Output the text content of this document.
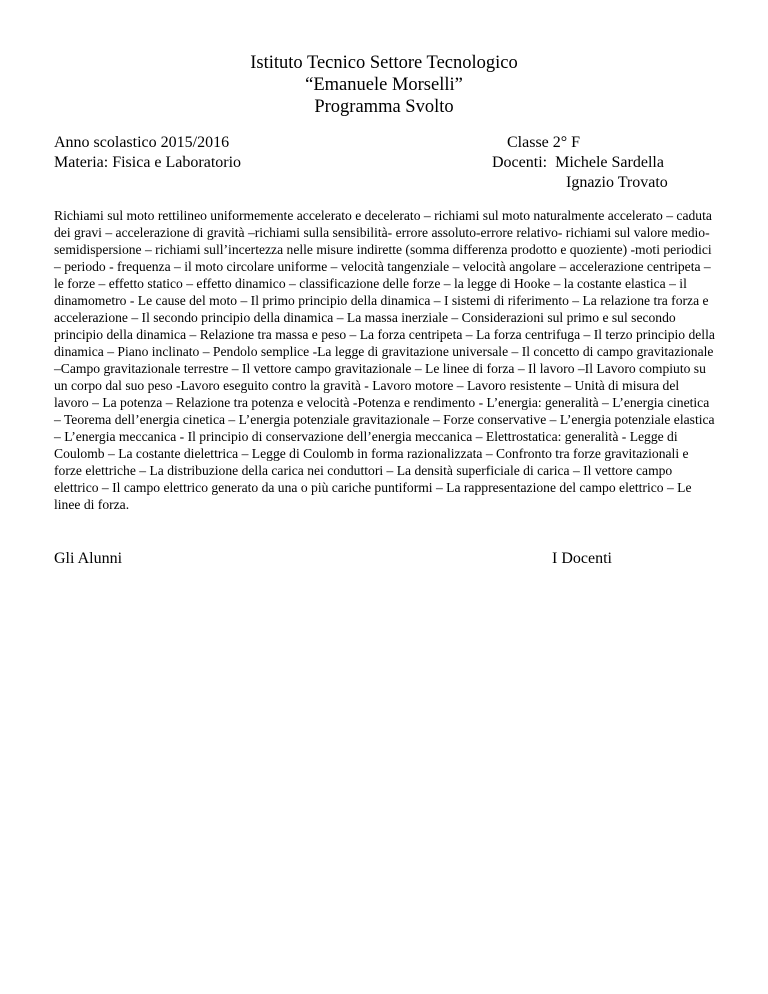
Istituto Tecnico Settore Tecnologico
“Emanuele Morselli”
Programma Svolto
Anno scolastico 2015/2016
Materia: Fisica e Laboratorio
Classe 2° F
Docenti:  Michele Sardella
Ignazio Trovato
Richiami sul moto rettilineo uniformemente accelerato e decelerato – richiami sul moto naturalmente accelerato – caduta dei gravi – accelerazione di gravità –richiami sulla sensibilità- errore assoluto-errore relativo- richiami sul valore medio- semidispersione – richiami sull’incertezza nelle misure indirette (somma differenza prodotto e quoziente) -moti periodici – periodo - frequenza – il moto circolare uniforme – velocità tangenziale – velocità angolare – accelerazione centripeta – le forze – effetto statico – effetto dinamico – classificazione delle forze – la legge di Hooke – la costante elastica – il dinamometro - Le cause del moto – Il primo principio della dinamica – I sistemi di riferimento – La relazione tra forza e accelerazione – Il secondo principio della dinamica – La massa inerziale – Considerazioni sul primo e sul secondo principio della dinamica – Relazione tra massa e peso – La forza centripeta – La forza centrifuga – Il terzo principio della dinamica – Piano inclinato – Pendolo semplice -La legge di gravitazione universale – Il concetto di campo gravitazionale –Campo gravitazionale terrestre – Il vettore campo gravitazionale – Le linee di forza – Il lavoro –Il Lavoro compiuto su un corpo dal suo peso -Lavoro eseguito contro la gravità - Lavoro motore – Lavoro resistente – Unità di misura del lavoro – La potenza – Relazione tra potenza e velocità -Potenza e rendimento - L’energia: generalità – L’energia cinetica – Teorema dell’energia cinetica – L’energia potenziale gravitazionale – Forze conservative – L’energia potenziale elastica – L’energia meccanica - Il principio di conservazione dell’energia meccanica – Elettrostatica: generalità - Legge di Coulomb – La costante dielettrica – Legge di Coulomb in forma razionalizzata – Confronto tra forze gravitazionali e forze elettriche – La distribuzione della carica nei conduttori – La densità superficiale di carica – Il vettore campo elettrico – Il campo elettrico generato da una o più cariche puntiformi – La rappresentazione del campo elettrico – Le linee di forza.
Gli Alunni	I Docenti
